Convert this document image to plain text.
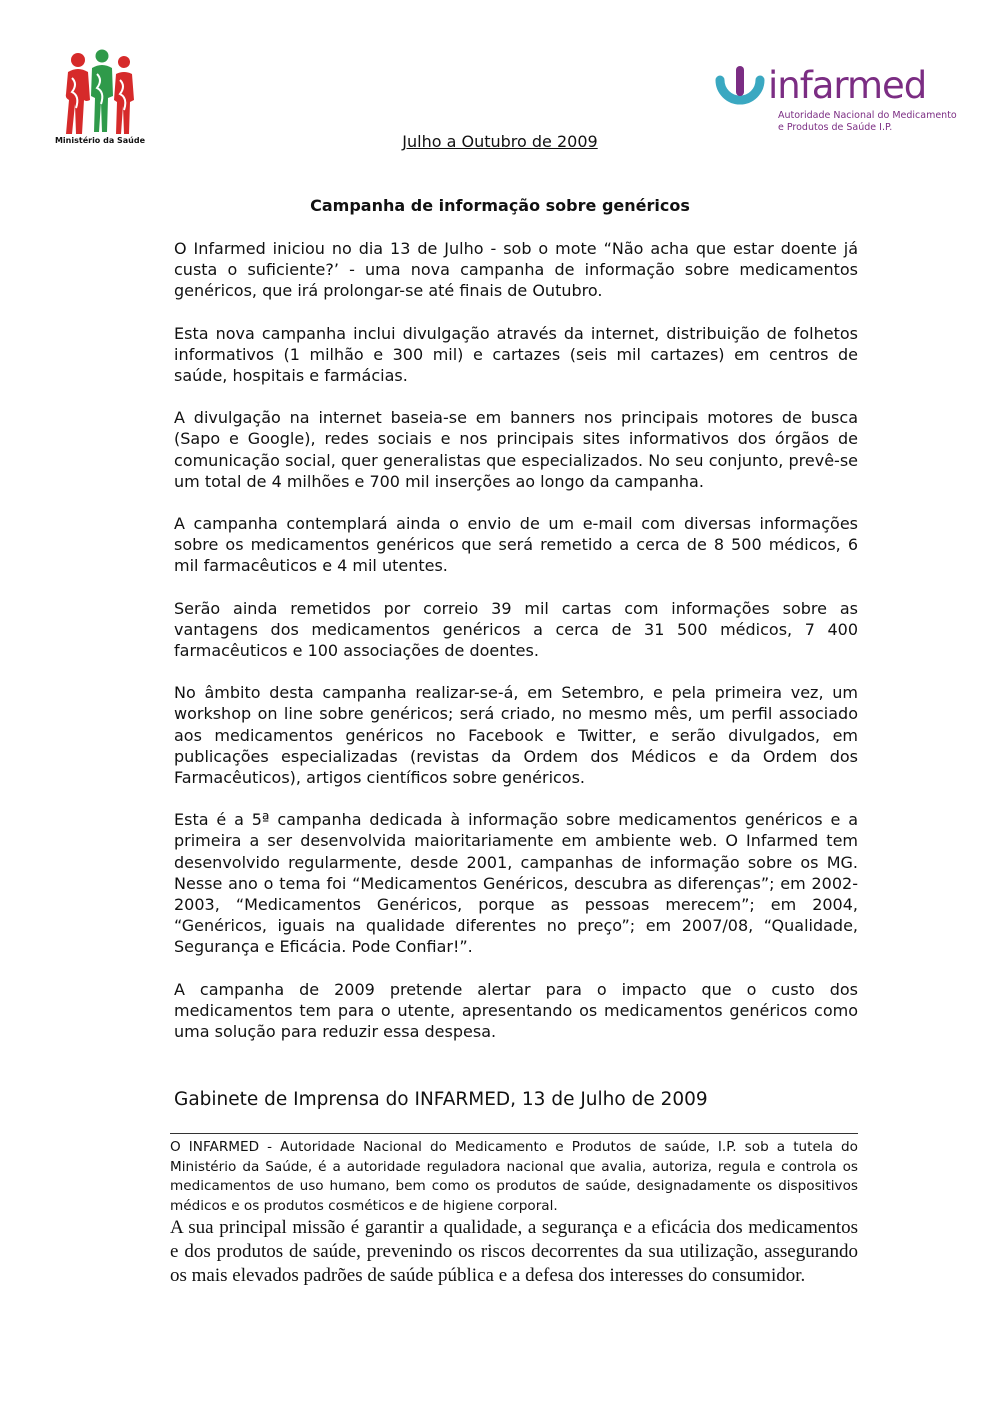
Ministério da Saúde
infarmed
Autoridade Nacional do Medicamento
e Produtos de Saúde I.P.
Julho a Outubro de 2009
Campanha de informação sobre genéricos

O Infarmed iniciou no dia 13 de Julho - sob o mote “Não acha que estar doente já custa o suficiente?’ - uma nova campanha de informação sobre medicamentos genéricos, que irá prolongar-se até finais de Outubro.

Esta nova campanha inclui divulgação através da internet, distribuição de folhetos informativos (1 milhão e 300 mil) e cartazes (seis mil cartazes) em centros de saúde, hospitais e farmácias.

A divulgação na internet baseia-se em banners nos principais motores de busca (Sapo e Google), redes sociais e nos principais sites informativos dos órgãos de comunicação social, quer generalistas que especializados. No seu conjunto, prevê-se um total de 4 milhões e 700 mil inserções ao longo da campanha.

A campanha contemplará ainda o envio de um e-mail com diversas informações sobre os medicamentos genéricos que será remetido a cerca de 8 500 médicos, 6 mil farmacêuticos e 4 mil utentes.

Serão ainda remetidos por correio 39 mil cartas com informações sobre as vantagens dos medicamentos genéricos a cerca de 31 500 médicos, 7 400 farmacêuticos e 100 associações de doentes.

No âmbito desta campanha realizar-se-á, em Setembro, e pela primeira vez, um workshop on line sobre genéricos; será criado, no mesmo mês, um perfil associado aos medicamentos genéricos no Facebook e Twitter, e serão divulgados, em publicações especializadas (revistas da Ordem dos Médicos e da Ordem dos Farmacêuticos), artigos científicos sobre genéricos.

Esta é a 5ª campanha dedicada à informação sobre medicamentos genéricos e a primeira a ser desenvolvida maioritariamente em ambiente web. O Infarmed tem desenvolvido regularmente, desde 2001, campanhas de informação sobre os MG. Nesse ano o tema foi “Medicamentos Genéricos, descubra as diferenças”; em 2002-2003, “Medicamentos Genéricos, porque as pessoas merecem”; em 2004, “Genéricos, iguais na qualidade diferentes no preço”; em 2007/08, “Qualidade, Segurança e Eficácia. Pode Confiar!”.

A campanha de 2009 pretende alertar para o impacto que o custo dos medicamentos tem para o utente, apresentando os medicamentos genéricos como uma solução para reduzir essa despesa.

Gabinete de Imprensa do INFARMED, 13 de Julho de 2009

O INFARMED - Autoridade Nacional do Medicamento e Produtos de saúde, I.P. sob a tutela do Ministério da Saúde, é a autoridade reguladora nacional que avalia, autoriza, regula e controla os medicamentos de uso humano, bem como os produtos de saúde, designadamente os dispositivos médicos e os produtos cosméticos e de higiene corporal.

A sua principal missão é garantir a qualidade, a segurança e a eficácia dos medicamentos e dos produtos de saúde, prevenindo os riscos decorrentes da sua utilização, assegurando os mais elevados padrões de saúde pública e a defesa dos interesses do consumidor.
